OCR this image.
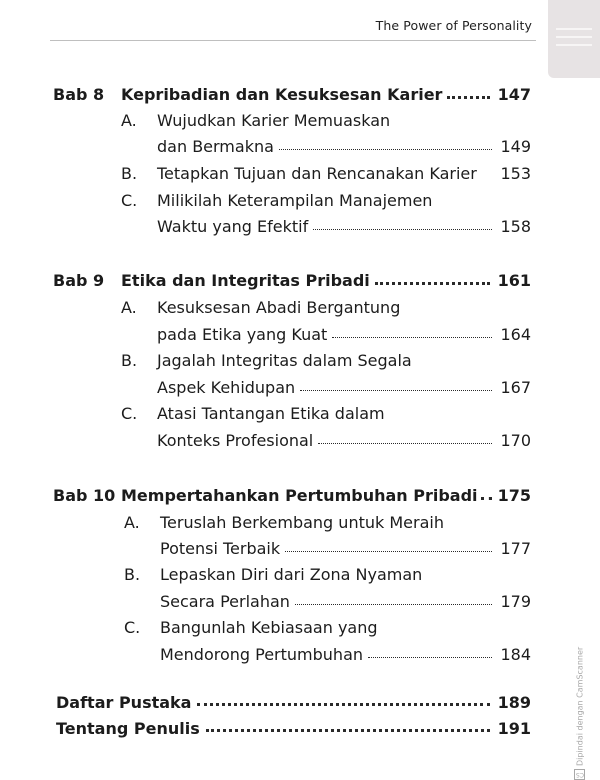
The Power of Personality
Bab 8	Kepribadian dan Kesuksesan Karier	147
A.	Wujudkan Karier Memuaskan
dan Bermakna	149
B.	Tetapkan Tujuan dan Rencanakan Karier 153
C.	Milikilah Keterampilan Manajemen
Waktu yang Efektif	158
Bab 9	Etika dan Integritas Pribadi	161
A.	Kesuksesan Abadi Bergantung
pada Etika yang Kuat	164
B.	Jagalah Integritas dalam Segala
Aspek Kehidupan	167
C.	Atasi Tantangan Etika dalam
Konteks Profesional	170
Bab 10 Mempertahankan Pertumbuhan Pribadi 175
A.	Teruslah Berkembang untuk Meraih
Potensi Terbaik	177
B.	Lepaskan Diri dari Zona Nyaman
Secara Perlahan	179
C.	Bangunlah Kebiasaan yang
Mendorong Pertumbuhan	184
Daftar Pustaka	189
Tentang Penulis	191
CS
Dipindai dengan CamScanner
